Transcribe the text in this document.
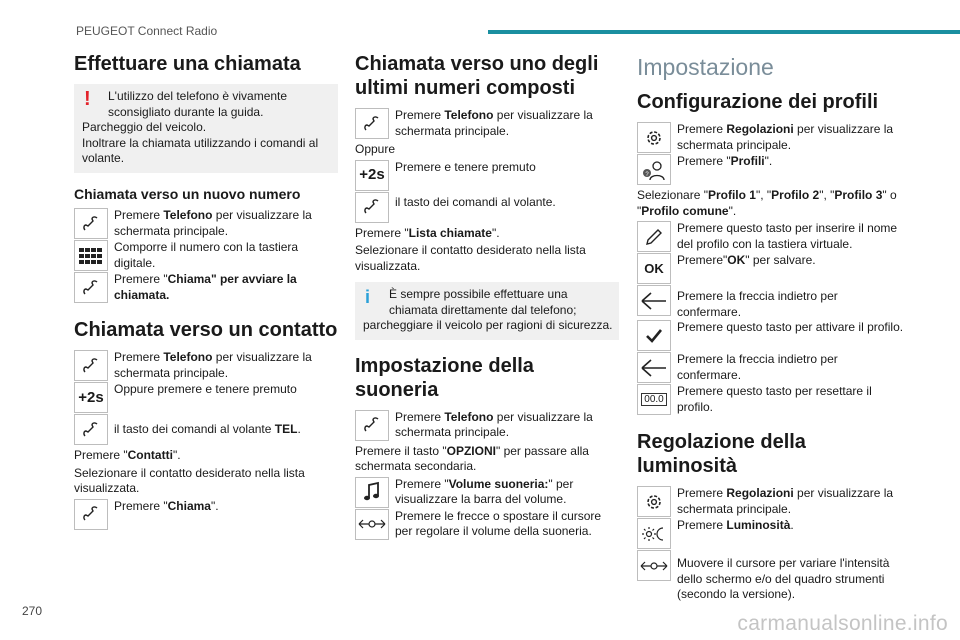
PEUGEOT Connect Radio
Effettuare una chiamata
!	L'utilizzo del telefono è vivamente sconsigliato durante la guida.
Parcheggio del veicolo.
Inoltrare la chiamata utilizzando i comandi al volante.
Chiamata verso un nuovo numero
Premere Telefono per visualizzare la schermata principale.
Comporre il numero con la tastiera digitale.
Premere "Chiama" per avviare la chiamata.
Chiamata verso un contatto
Premere Telefono per visualizzare la schermata principale.
+2s Oppure premere e tenere premuto
il tasto dei comandi al volante TEL.
Premere "Contatti".
Selezionare il contatto desiderato nella lista visualizzata.
Premere "Chiama".
Chiamata verso uno degli ultimi numeri composti
Premere Telefono per visualizzare la schermata principale.
Oppure
+2s Premere e tenere premuto
il tasto dei comandi al volante.
Premere "Lista chiamate".
Selezionare il contatto desiderato nella lista visualizzata.
i	È sempre possibile effettuare una chiamata direttamente dal telefono;
parcheggiare il veicolo per ragioni di sicurezza.
Impostazione della suoneria
Premere Telefono per visualizzare la schermata principale.
Premere il tasto "OPZIONI" per passare alla schermata secondaria.
Premere "Volume suoneria:" per visualizzare la barra del volume.
Premere le frecce o spostare il cursore per regolare il volume della suoneria.
Impostazione
Configurazione dei profili
Premere Regolazioni per visualizzare la schermata principale.
?
Premere "Profili".
Selezionare "Profilo 1", "Profilo 2", "Profilo 3" o "Profilo comune".
Premere questo tasto per inserire il nome del profilo con la tastiera virtuale.
OK
Premere"OK" per salvare.
Premere la freccia indietro per confermare.
Premere questo tasto per attivare il profilo.
Premere la freccia indietro per confermare.
00.0
Premere questo tasto per resettare il profilo.
Regolazione della luminosità
Premere Regolazioni per visualizzare la schermata principale.
Premere Luminosità.
Muovere il cursore per variare l'intensità dello schermo e/o del quadro strumenti (secondo la versione).
270
carmanualsonline.info
